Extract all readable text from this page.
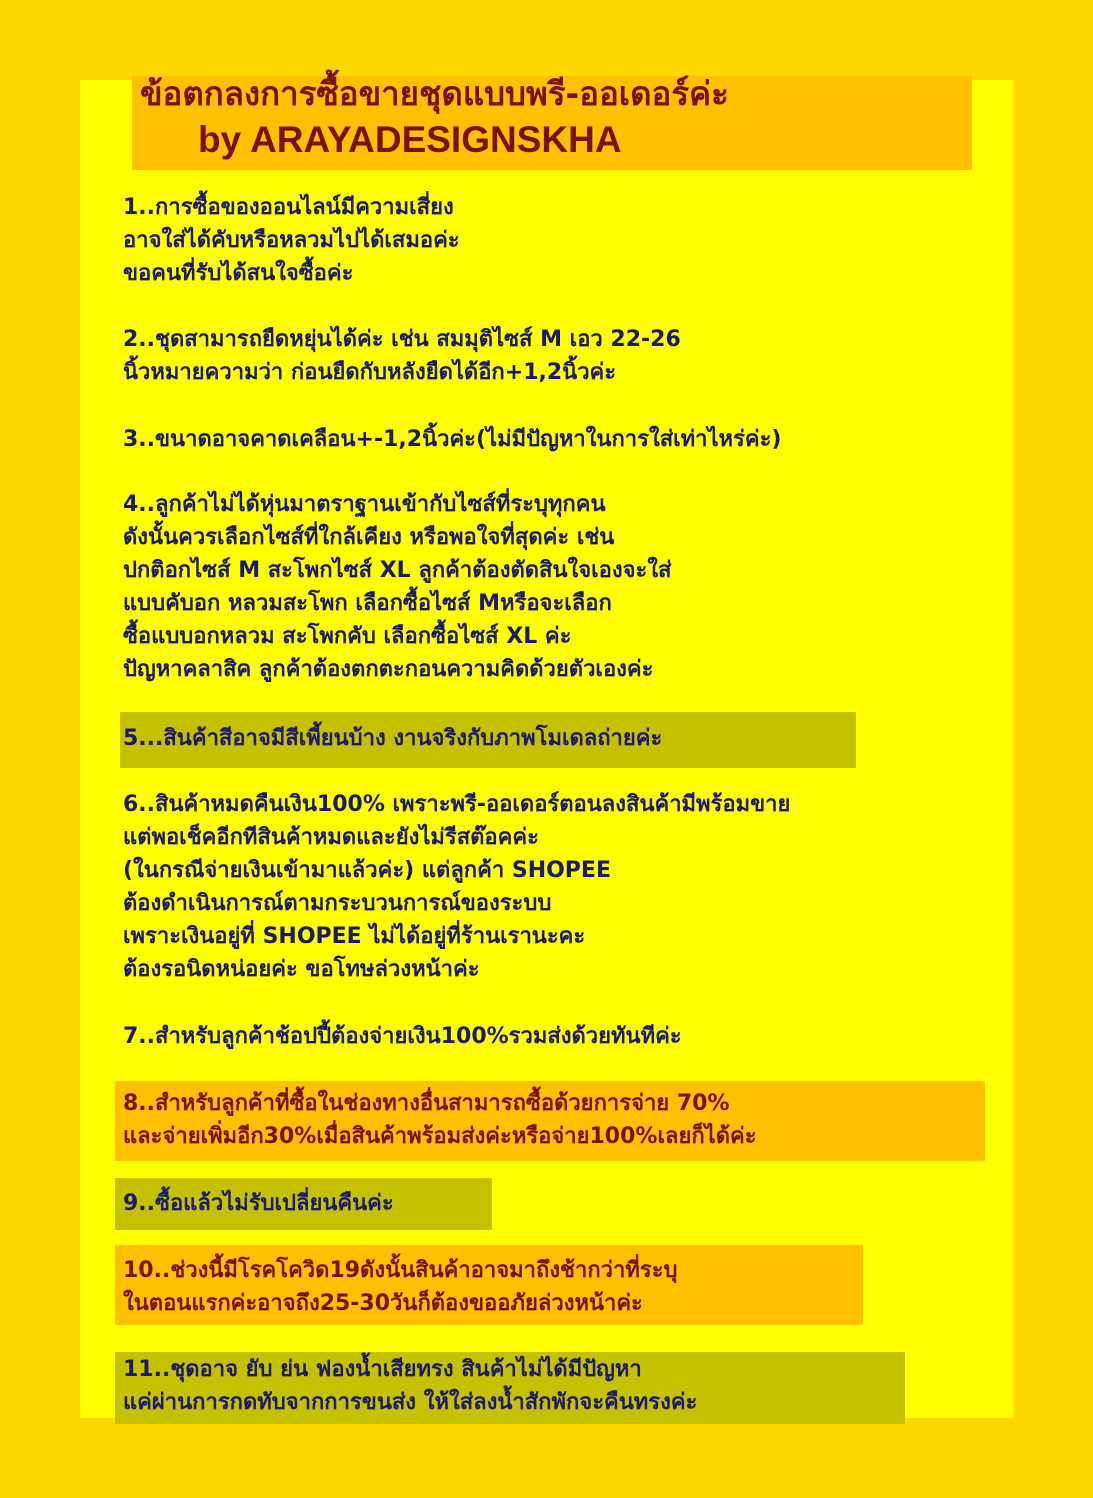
ข้อตกลงการซื้อขายชุดแบบพรี-ออเดอร์ค่ะ
by ARAYADESIGNSKHA
1..การซื้อของออนไลน์มีความเสี่ยง
อาจใส่ได้คับหรือหลวมไปได้เสมอค่ะ
ขอคนที่รับได้สนใจซื้อค่ะ
2..ชุดสามารถยืดหยุ่นได้ค่ะ เช่น สมมุติไซส์ M เอว 22-26
นิ้วหมายความว่า ก่อนยืดกับหลังยืดได้อีก+1,2นิ้วค่ะ
3..ขนาดอาจคาดเคลือน+-1,2นิ้วค่ะ(ไม่มีปัญหาในการใส่เท่าไหร่ค่ะ)
4..ลูกค้าไม่ได้หุ่นมาตราฐานเข้ากับไซส์ที่ระบุทุกคน
ดังนั้นควรเลือกไซส์ที่ใกล้เคียง หรือพอใจที่สุดค่ะ เช่น
ปกติอกไซส์ M สะโพกไซส์ XL ลูกค้าต้องตัดสินใจเองจะใส่
แบบคับอก หลวมสะโพก เลือกซื้อไซส์ Mหรือจะเลือก
ซื้อแบบอกหลวม สะโพกคับ เลือกซื้อไซส์ XL ค่ะ
ปัญหาคลาสิค ลูกค้าต้องตกตะกอนความคิดด้วยตัวเองค่ะ
5...สินค้าสีอาจมีสีเพี้ยนบ้าง งานจริงกับภาพโมเดลถ่ายค่ะ
6..สินค้าหมดคืนเงิน100% เพราะพรี-ออเดอร์ตอนลงสินค้ามีพร้อมขาย
แต่พอเช็คอีกทีสินค้าหมดและยังไม่รีสต๊อคค่ะ
(ในกรณีจ่ายเงินเข้ามาแล้วค่ะ) แต่ลูกค้า SHOPEE
ต้องดำเนินการณ์ตามกระบวนการณ์ของระบบ
เพราะเงินอยู่ที่ SHOPEE ไม่ได้อยู่ที่ร้านเรานะคะ
ต้องรอนิดหน่อยค่ะ ขอโทษล่วงหน้าค่ะ
7..สำหรับลูกค้าช้อปปี้ต้องจ่ายเงิน100%รวมส่งด้วยทันทีค่ะ
8..สำหรับลูกค้าที่ซื้อในช่องทางอื่นสามารถซื้อด้วยการจ่าย 70%
และจ่ายเพิ่มอีก30%เมื่อสินค้าพร้อมส่งค่ะหรือจ่าย100%เลยก็ได้ค่ะ
9..ซื้อแล้วไม่รับเปลี่ยนคืนค่ะ
10..ช่วงนี้มีโรคโควิด19ดังนั้นสินค้าอาจมาถึงช้ากว่าที่ระบุ
ในตอนแรกค่ะอาจถึง25-30วันก็ต้องขออภัยล่วงหน้าค่ะ
11..ชุดอาจ ยับ ย่น ฟองน้ำเสียทรง สินค้าไม่ได้มีปัญหา
แค่ผ่านการกดทับจากการขนส่ง ให้ใส่ลงน้ำสักพักจะคืนทรงค่ะ
